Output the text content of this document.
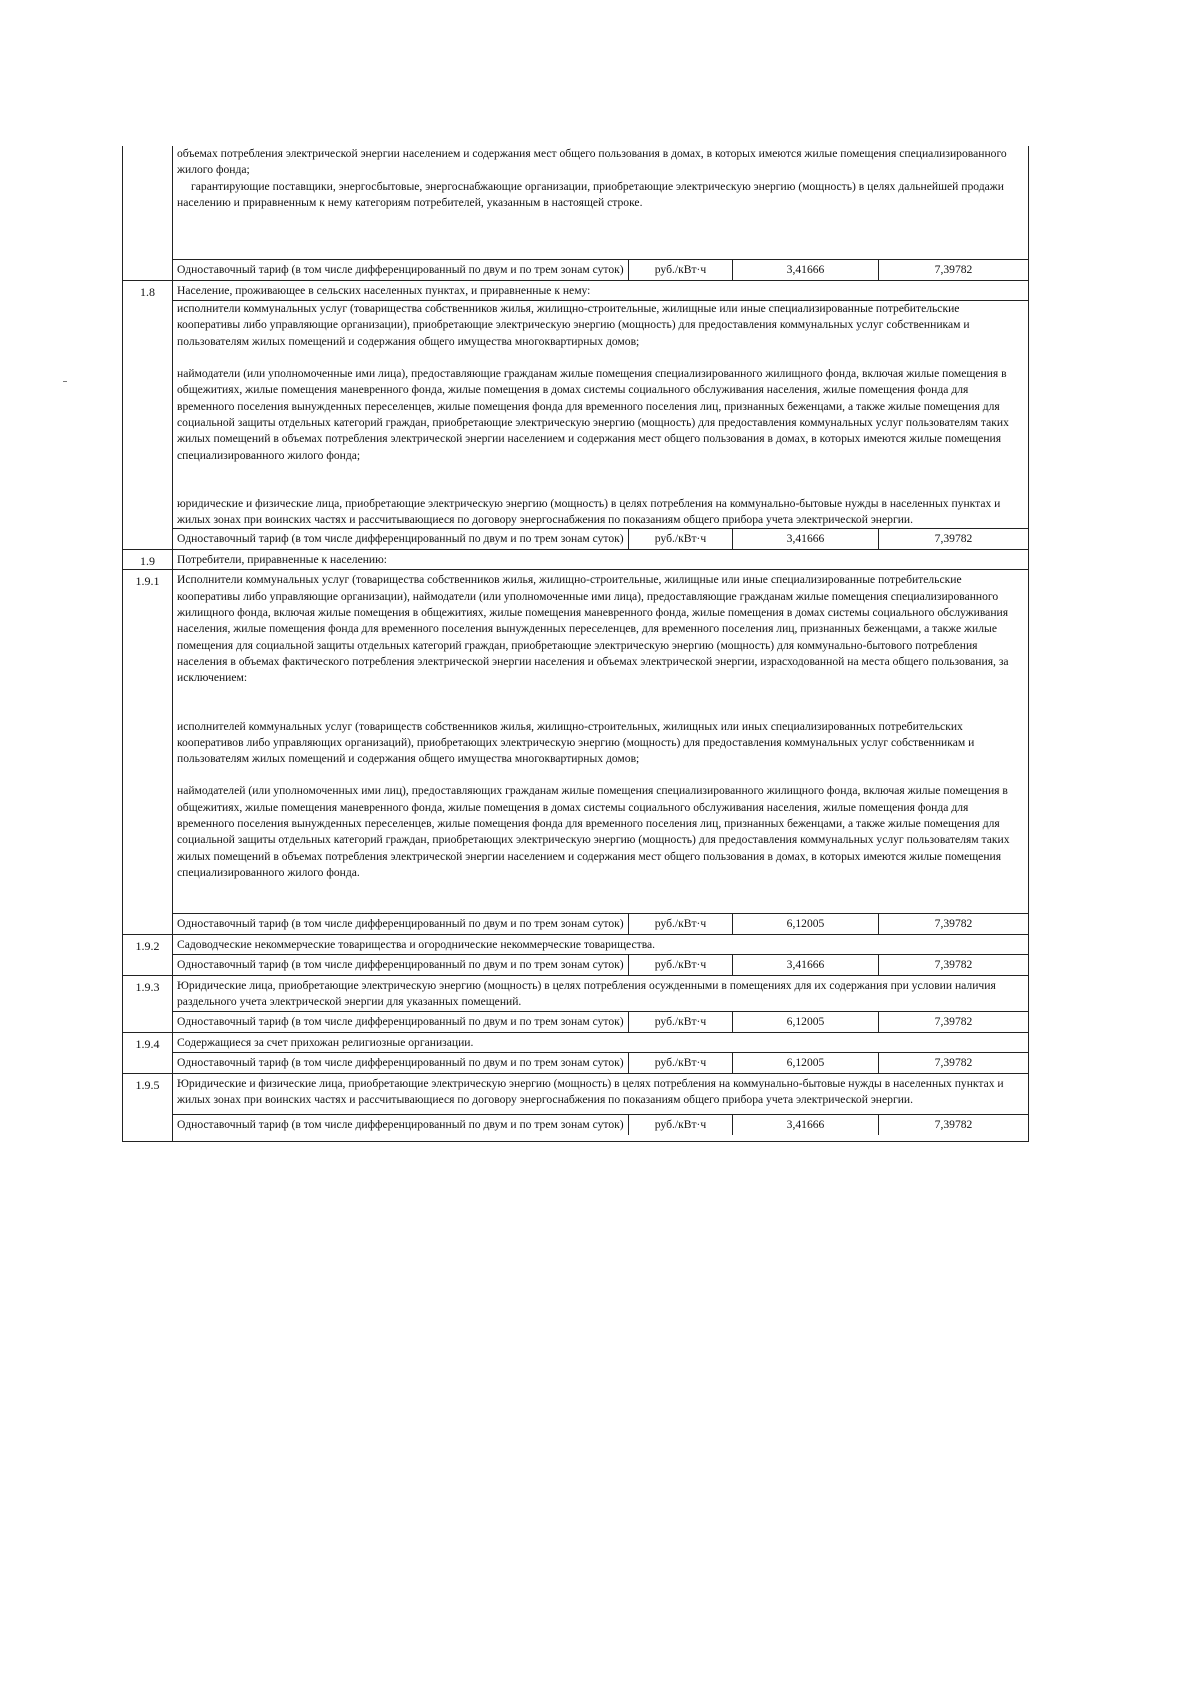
объемах потребления электрической энергии населением и содержания мест общего пользования в домах, в которых имеются жилые помещения специализированного жилого фонда;

гарантирующие поставщики, энергосбытовые, энергоснабжающие организации, приобретающие электрическую энергию (мощность) в целях дальнейшей продажи населению и приравненным к нему категориям потребителей, указанным в настоящей строке.

Одноставочный тариф (в том числе дифференцированный по двум и по трем зонам суток)	руб./кВт·ч	3,41666	7,39782
1.8	Население, проживающее в сельских населенных пунктах, и приравненные к нему:

исполнители коммунальных услуг (товарищества собственников жилья, жилищно-строительные, жилищные или иные специализированные потребительские кооперативы либо управляющие организации), приобретающие электрическую энергию (мощность) для предоставления коммунальных услуг собственникам и пользователям жилых помещений и содержания общего имущества многоквартирных домов;

наймодатели (или уполномоченные ими лица), предоставляющие гражданам жилые помещения специализированного жилищного фонда, включая жилые помещения в общежитиях, жилые помещения маневренного фонда, жилые помещения в домах системы социального обслуживания населения, жилые помещения фонда для временного поселения вынужденных переселенцев, жилые помещения фонда для временного поселения лиц, признанных беженцами, а также жилые помещения для социальной защиты отдельных категорий граждан, приобретающие электрическую энергию (мощность) для предоставления коммунальных услуг пользователям таких жилых помещений в объемах потребления электрической энергии населением и содержания мест общего пользования в домах, в которых имеются жилые помещения специализированного жилого фонда;

юридические и физические лица, приобретающие электрическую энергию (мощность) в целях потребления на коммунально-бытовые нужды в населенных пунктах и жилых зонах при воинских частях и рассчитывающиеся по договору энергоснабжения по показаниям общего прибора учета электрической энергии.

Одноставочный тариф (в том числе дифференцированный по двум и по трем зонам суток)	руб./кВт·ч	3,41666	7,39782
1.9	Потребители, приравненные к населению:
1.9.1	Исполнители коммунальных услуг (товарищества собственников жилья, жилищно-строительные, жилищные или иные специализированные потребительские кооперативы либо управляющие организации), наймодатели (или уполномоченные ими лица), предоставляющие гражданам жилые помещения специализированного жилищного фонда, включая жилые помещения в общежитиях, жилые помещения маневренного фонда, жилые помещения в домах системы социального обслуживания населения, жилые помещения фонда для временного поселения вынужденных переселенцев, для временного поселения лиц, признанных беженцами, а также жилые помещения для социальной защиты отдельных категорий граждан, приобретающие электрическую энергию (мощность) для коммунально-бытового потребления населения в объемах фактического потребления электрической энергии населения и объемах электрической энергии, израсходованной на места общего пользования, за исключением:

исполнителей коммунальных услуг (товариществ собственников жилья, жилищно-строительных, жилищных или иных специализированных потребительских кооперативов либо управляющих организаций), приобретающих электрическую энергию (мощность) для предоставления коммунальных услуг собственникам и пользователям жилых помещений и содержания общего имущества многоквартирных домов;

наймодателей (или уполномоченных ими лиц), предоставляющих гражданам жилые помещения специализированного жилищного фонда, включая жилые помещения в общежитиях, жилые помещения маневренного фонда, жилые помещения в домах системы социального обслуживания населения, жилые помещения фонда для временного поселения вынужденных переселенцев, жилые помещения фонда для временного поселения лиц, признанных беженцами, а также жилые помещения для социальной защиты отдельных категорий граждан, приобретающих электрическую энергию (мощность) для предоставления коммунальных услуг пользователям таких жилых помещений в объемах потребления электрической энергии населением и содержания мест общего пользования в домах, в которых имеются жилые помещения специализированного жилого фонда.

Одноставочный тариф (в том числе дифференцированный по двум и по трем зонам суток)	руб./кВт·ч	6,12005	7,39782
1.9.2	Садоводческие некоммерческие товарищества и огороднические некоммерческие товарищества.
Одноставочный тариф (в том числе дифференцированный по двум и по трем зонам суток)	руб./кВт·ч	3,41666	7,39782
1.9.3	Юридические лица, приобретающие электрическую энергию (мощность) в целях потребления осужденными в помещениях для их содержания при условии наличия раздельного учета электрической энергии для указанных помещений.
Одноставочный тариф (в том числе дифференцированный по двум и по трем зонам суток)	руб./кВт·ч	6,12005	7,39782
1.9.4	Содержащиеся за счет прихожан религиозные организации.
Одноставочный тариф (в том числе дифференцированный по двум и по трем зонам суток)	руб./кВт·ч	6,12005	7,39782
1.9.5	Юридические и физические лица, приобретающие электрическую энергию (мощность) в целях потребления на коммунально-бытовые нужды в населенных пунктах и жилых зонах при воинских частях и рассчитывающиеся по договору энергоснабжения по показаниям общего прибора учета электрической энергии.
Одноставочный тариф (в том числе дифференцированный по двум и по трем зонам суток)	руб./кВт·ч	3,41666	7,39782
